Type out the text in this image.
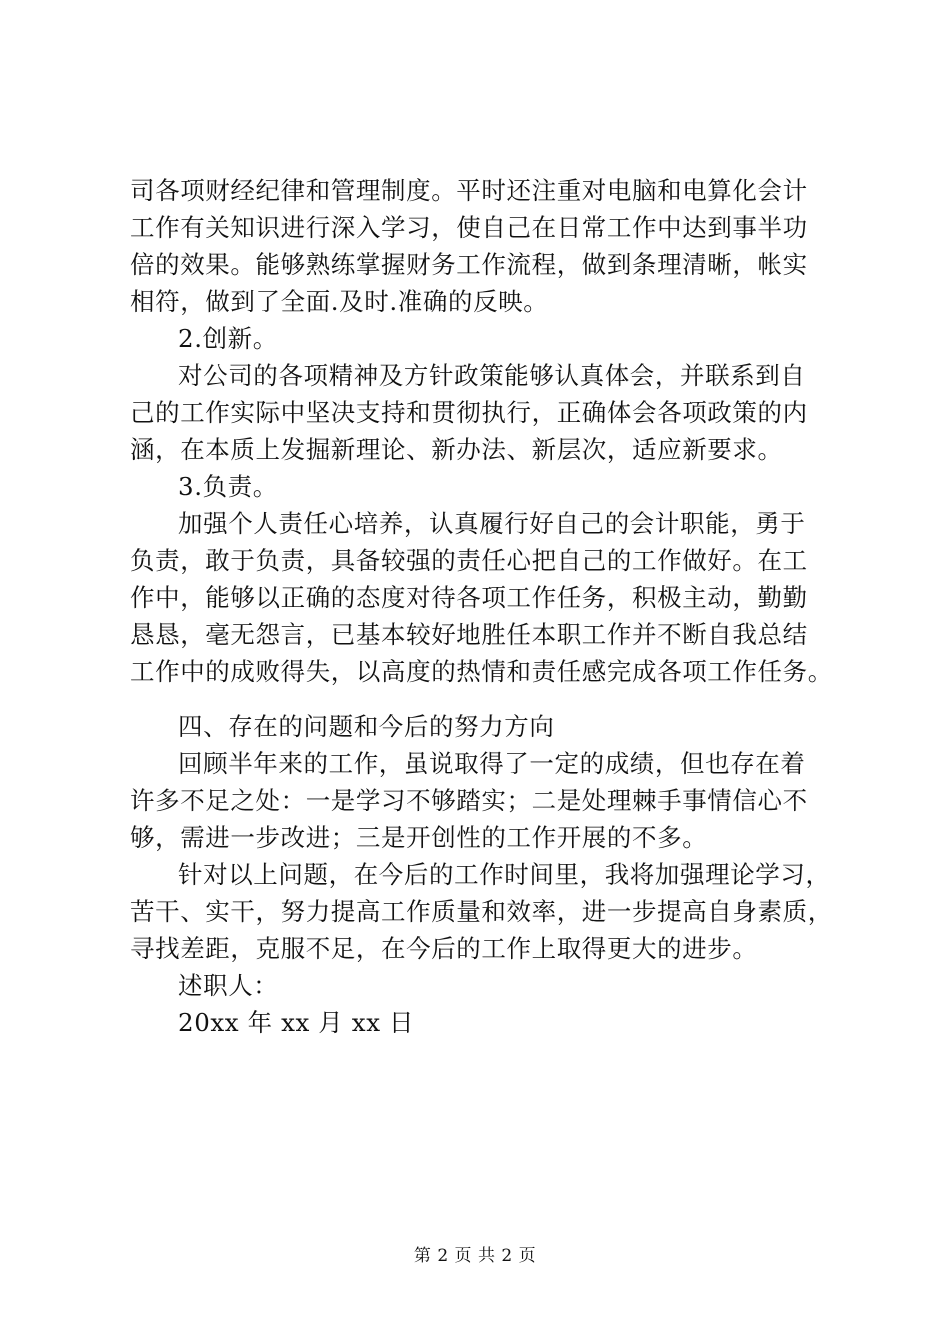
司各项财经纪律和管理制度。平时还注重对电脑和电算化会计
工作有关知识进行深入学习，使自己在日常工作中达到事半功
倍的效果。能够熟练掌握财务工作流程，做到条理清晰，帐实
相符，做到了全面.及时.准确的反映。
2.创新。
对公司的各项精神及方针政策能够认真体会，并联系到自
己的工作实际中坚决支持和贯彻执行，正确体会各项政策的内
涵，在本质上发掘新理论、新办法、新层次，适应新要求。
3.负责。
加强个人责任心培养，认真履行好自己的会计职能，勇于
负责，敢于负责，具备较强的责任心把自己的工作做好。在工
作中，能够以正确的态度对待各项工作任务，积极主动，勤勤
恳恳，毫无怨言，已基本较好地胜任本职工作并不断自我总结
工作中的成败得失，以高度的热情和责任感完成各项工作任务。
四、存在的问题和今后的努力方向
回顾半年来的工作，虽说取得了一定的成绩，但也存在着
许多不足之处：一是学习不够踏实；二是处理棘手事情信心不
够，需进一步改进；三是开创性的工作开展的不多。
针对以上问题，在今后的工作时间里，我将加强理论学习，
苦干、实干，努力提高工作质量和效率，进一步提高自身素质，
寻找差距，克服不足，在今后的工作上取得更大的进步。
述职人：
20xx 年 xx 月 xx 日
第 2 页 共 2 页
